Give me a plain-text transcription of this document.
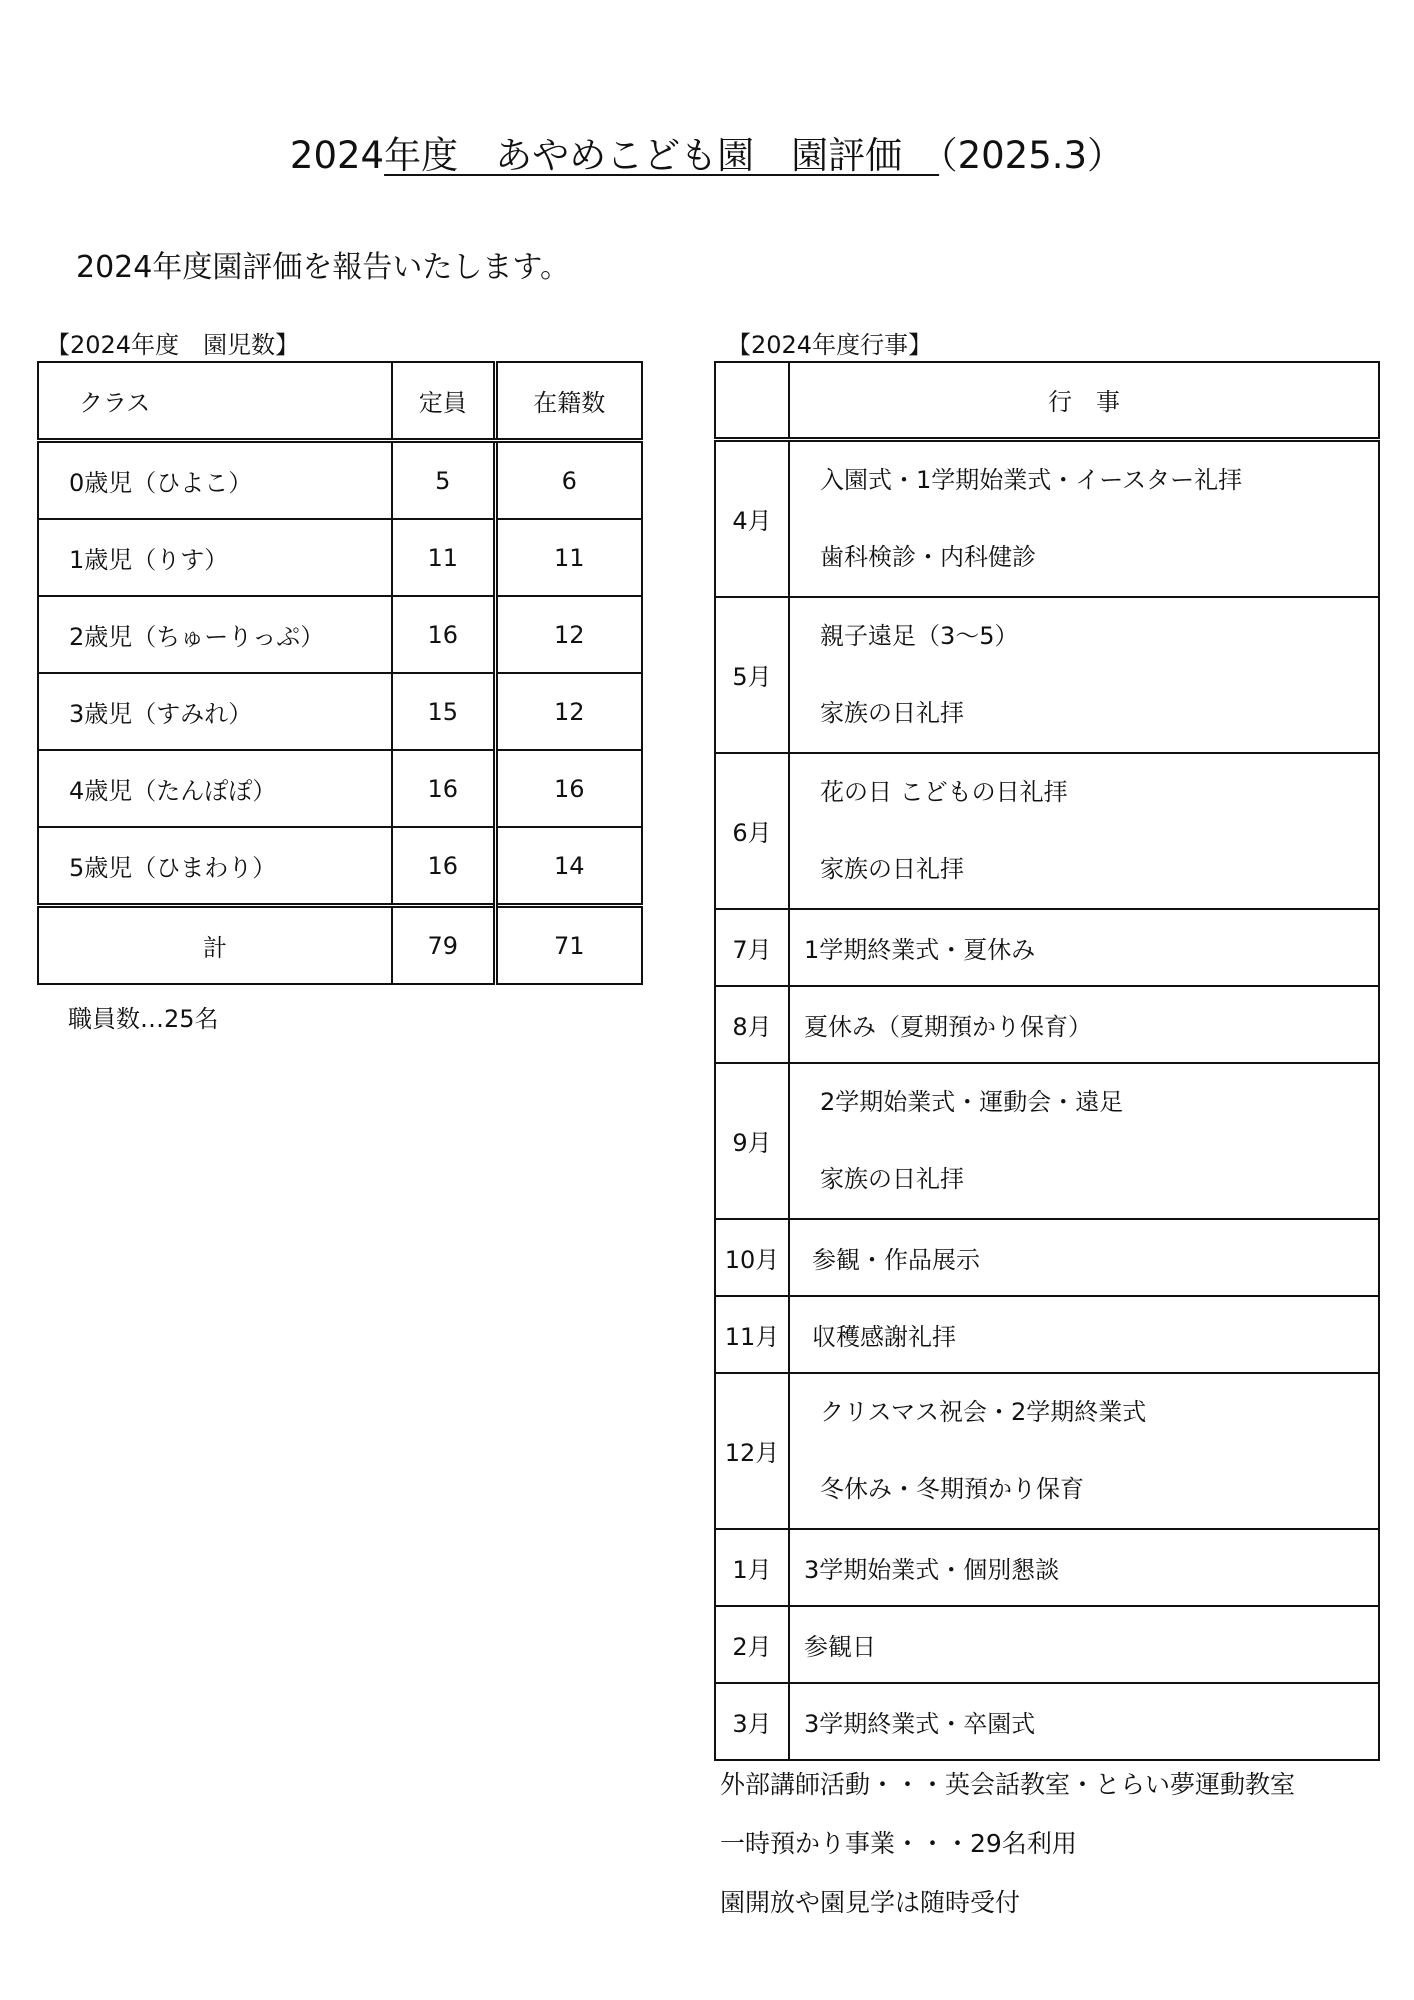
2024年度　あやめこども園　園評価　（2025.3）
2024年度園評価を報告いたします。
【2024年度　園児数】
クラス	定員	在籍数
0歳児（ひよこ）	5	6
1歳児（りす）	11	11
2歳児（ちゅーりっぷ）	16	12
3歳児（すみれ）	15	12
4歳児（たんぽぽ）	16	16
5歳児（ひまわり）	16	14
計	79	71
職員数…25名
【2024年度行事】
	行　事
4月	入園式・1学期始業式・イースター礼拝
歯科検診・内科健診

5月	親子遠足（3〜5）
家族の日礼拝

6月	花の日 こどもの日礼拝
家族の日礼拝

7月	1学期終業式・夏休み
8月	夏休み（夏期預かり保育）
9月	2学期始業式・運動会・遠足
家族の日礼拝

10月	参観・作品展示
11月	収穫感謝礼拝
12月	クリスマス祝会・2学期終業式
冬休み・冬期預かり保育

1月	3学期始業式・個別懇談
2月	参観日
3月	3学期終業式・卒園式
外部講師活動・・・英会話教室・とらい夢運動教室
一時預かり事業・・・29名利用
園開放や園見学は随時受付
